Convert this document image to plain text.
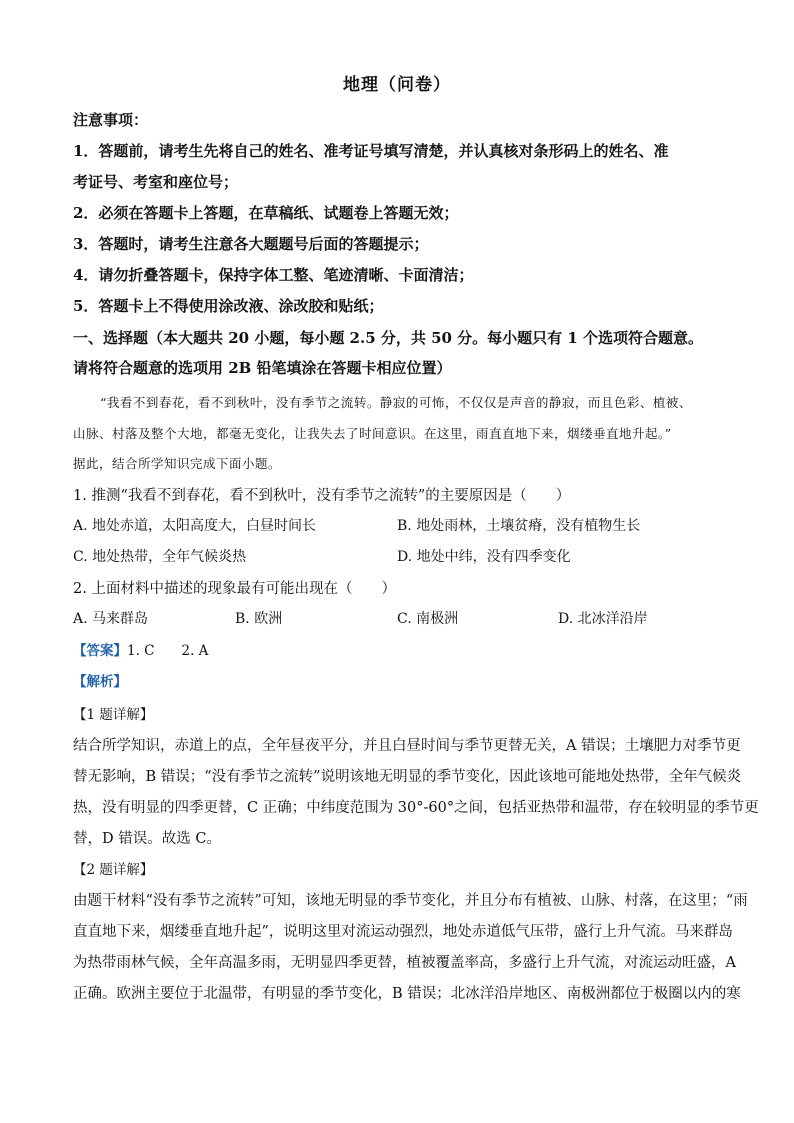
地理（问卷）
注意事项：
1．答题前，请考生先将自己的姓名、准考证号填写清楚，并认真核对条形码上的姓名、准
考证号、考室和座位号；
2．必须在答题卡上答题，在草稿纸、试题卷上答题无效；
3．答题时，请考生注意各大题题号后面的答题提示；
4．请勿折叠答题卡，保持字体工整、笔迹清晰、卡面清洁；
5．答题卡上不得使用涂改液、涂改胶和贴纸；
一、选择题（本大题共 20 小题，每小题 2.5 分，共 50 分。每小题只有 1 个选项符合题意。
请将符合题意的选项用 2B 铅笔填涂在答题卡相应位置）
“我看不到春花，看不到秋叶，没有季节之流转。静寂的可怖，不仅仅是声音的静寂，而且色彩、植被、
山脉、村落及整个大地，都毫无变化，让我失去了时间意识。在这里，雨直直地下来，烟缕垂直地升起。”
据此，结合所学知识完成下面小题。
1. 推测“我看不到春花，看不到秋叶，没有季节之流转”的主要原因是（　　）
A. 地处赤道，太阳高度大，白昼时间长	B. 地处雨林，土壤贫瘠，没有植物生长
C. 地处热带，全年气候炎热	D. 地处中纬，没有四季变化
2. 上面材料中描述的现象最有可能出现在（　　）
A. 马来群岛	B. 欧洲	C. 南极洲	D. 北冰洋沿岸
【答案】1. C　　2. A
【解析】
【1 题详解】
结合所学知识，赤道上的点，全年昼夜平分，并且白昼时间与季节更替无关，A 错误；土壤肥力对季节更
替无影响，B 错误；“没有季节之流转”说明该地无明显的季节变化，因此该地可能地处热带，全年气候炎
热，没有明显的四季更替，C 正确；中纬度范围为 30°-60°之间，包括亚热带和温带，存在较明显的季节更
替，D 错误。故选 C。
【2 题详解】
由题干材料“没有季节之流转”可知，该地无明显的季节变化，并且分布有植被、山脉、村落，在这里；“雨
直直地下来，烟缕垂直地升起”，说明这里对流运动强烈，地处赤道低气压带，盛行上升气流。马来群岛
为热带雨林气候，全年高温多雨，无明显四季更替，植被覆盖率高，多盛行上升气流，对流运动旺盛，A
正确。欧洲主要位于北温带，有明显的季节变化，B 错误；北冰洋沿岸地区、南极洲都位于极圈以内的寒
